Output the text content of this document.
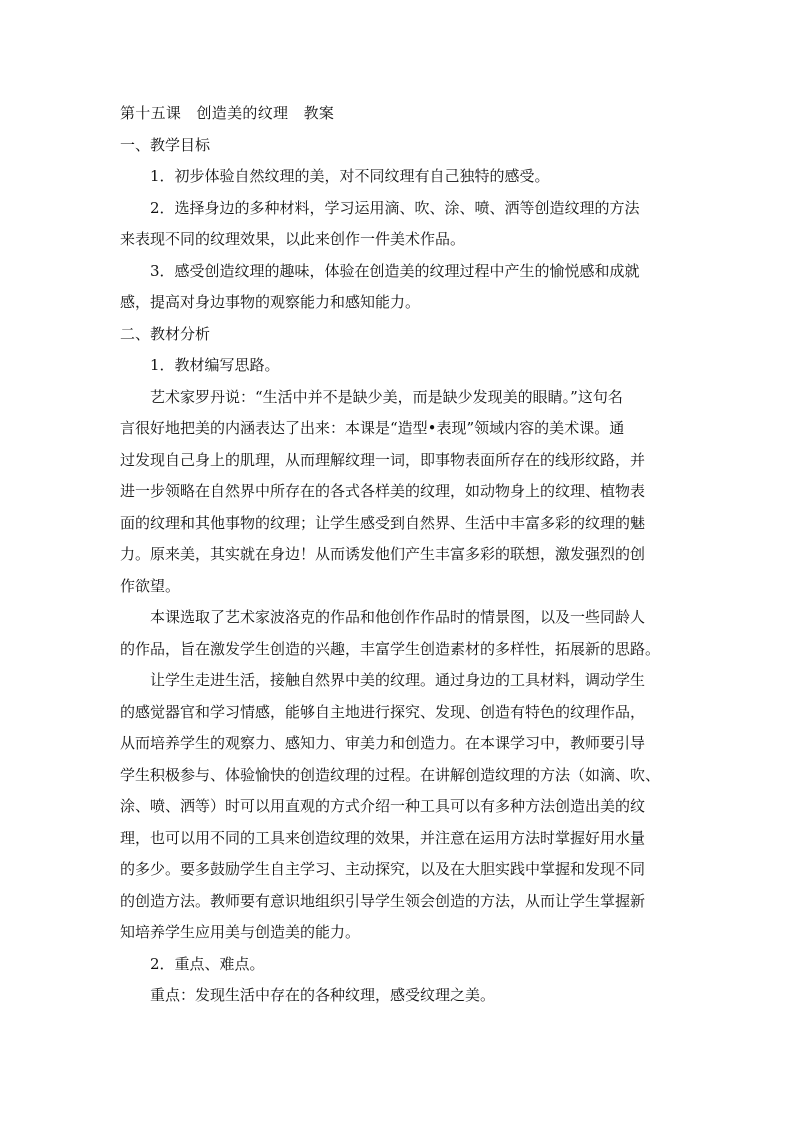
第十五课　创造美的纹理　教案
一、教学目标
1．初步体验自然纹理的美，对不同纹理有自己独特的感受。
2．选择身边的多种材料，学习运用滴、吹、涂、喷、洒等创造纹理的方法
来表现不同的纹理效果，以此来创作一件美术作品。
3．感受创造纹理的趣味，体验在创造美的纹理过程中产生的愉悦感和成就
感，提高对身边事物的观察能力和感知能力。
二、教材分析
1．教材编写思路。
艺术家罗丹说：“生活中并不是缺少美，而是缺少发现美的眼睛。”这句名
言很好地把美的内涵表达了出来：本课是“造型•表现”领域内容的美术课。通
过发现自己身上的肌理，从而理解纹理一词，即事物表面所存在的线形纹路，并
进一步领略在自然界中所存在的各式各样美的纹理，如动物身上的纹理、植物表
面的纹理和其他事物的纹理；让学生感受到自然界、生活中丰富多彩的纹理的魅
力。原来美，其实就在身边！从而诱发他们产生丰富多彩的联想，激发强烈的创
作欲望。
本课选取了艺术家波洛克的作品和他创作作品时的情景图，以及一些同龄人
的作品，旨在激发学生创造的兴趣，丰富学生创造素材的多样性，拓展新的思路。
让学生走进生活，接触自然界中美的纹理。通过身边的工具材料，调动学生
的感觉器官和学习情感，能够自主地进行探究、发现、创造有特色的纹理作品，
从而培养学生的观察力、感知力、审美力和创造力。在本课学习中，教师要引导
学生积极参与、体验愉快的创造纹理的过程。在讲解创造纹理的方法（如滴、吹、
涂、喷、洒等）时可以用直观的方式介绍一种工具可以有多种方法创造出美的纹
理，也可以用不同的工具来创造纹理的效果，并注意在运用方法时掌握好用水量
的多少。要多鼓励学生自主学习、主动探究，以及在大胆实践中掌握和发现不同
的创造方法。教师要有意识地组织引导学生领会创造的方法，从而让学生掌握新
知培养学生应用美与创造美的能力。
2．重点、难点。
重点：发现生活中存在的各种纹理，感受纹理之美。
